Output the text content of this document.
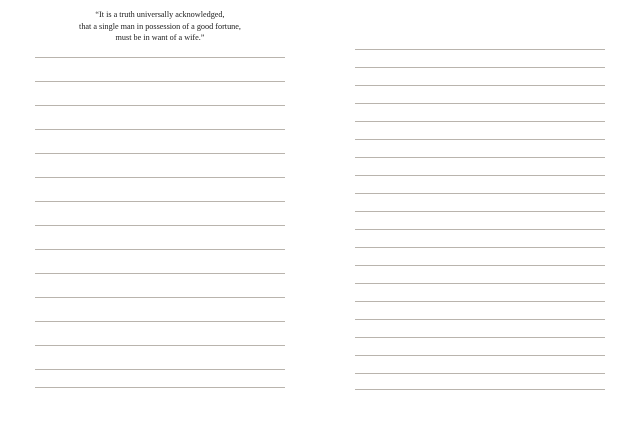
“It is a truth universally acknowledged,
that a single man in possession of a good fortune,
must be in want of a wife.”
